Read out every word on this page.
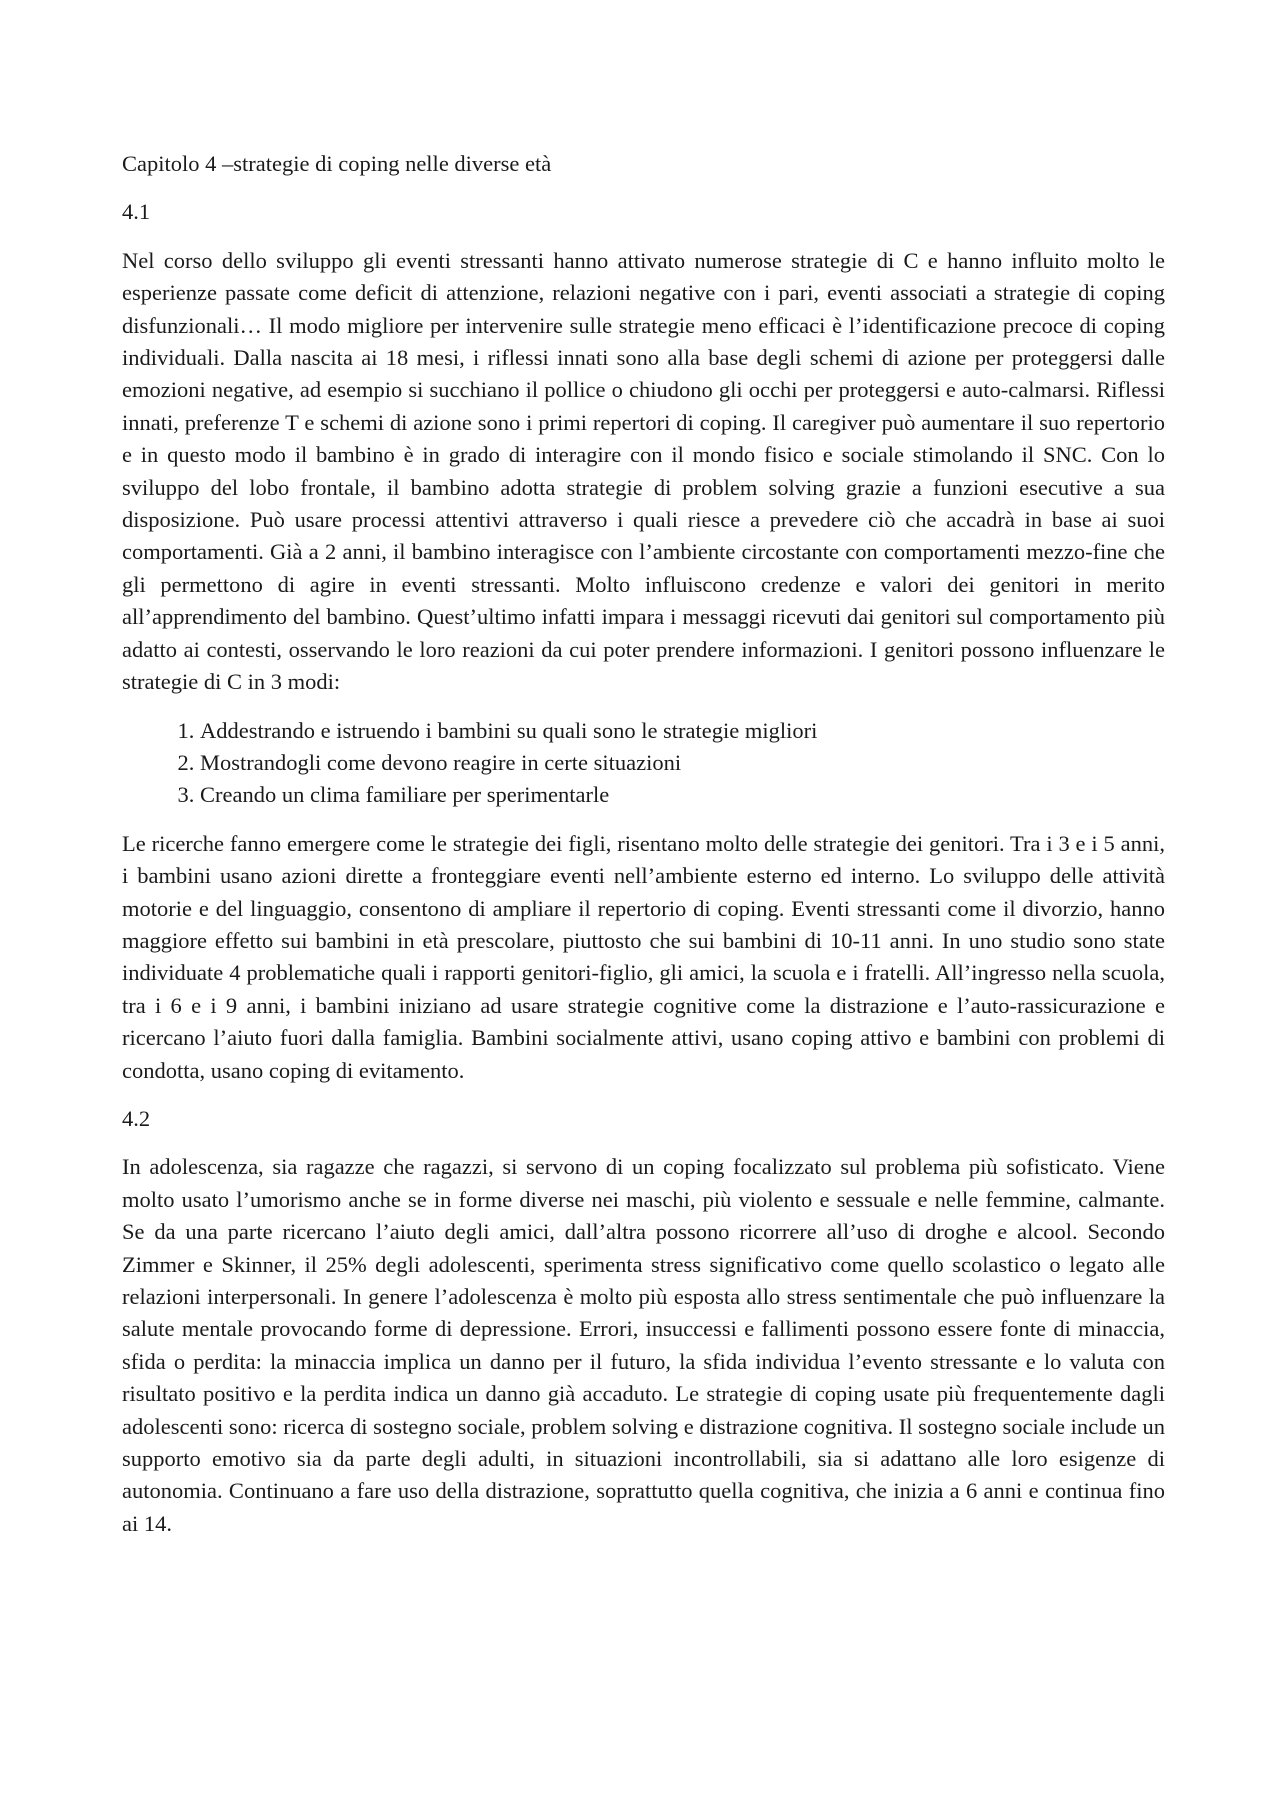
Capitolo 4 –strategie di coping nelle diverse età

4.1

Nel corso dello sviluppo gli eventi stressanti hanno attivato numerose strategie di C e hanno influito molto le esperienze passate come deficit di attenzione, relazioni negative con i pari, eventi associati a strategie di coping disfunzionali… Il modo migliore per intervenire sulle strategie meno efficaci è l’identificazione precoce di coping individuali. Dalla nascita ai 18 mesi, i riflessi innati sono alla base degli schemi di azione per proteggersi dalle emozioni negative, ad esempio si succhiano il pollice o chiudono gli occhi per proteggersi e auto-calmarsi. Riflessi innati, preferenze T e schemi di azione sono i primi repertori di coping. Il caregiver può aumentare il suo repertorio e in questo modo il bambino è in grado di interagire con il mondo fisico e sociale stimolando il SNC. Con lo sviluppo del lobo frontale, il bambino adotta strategie di problem solving grazie a funzioni esecutive a sua disposizione. Può usare processi attentivi attraverso i quali riesce a prevedere ciò che accadrà in base ai suoi comportamenti. Già a 2 anni, il bambino interagisce con l’ambiente circostante con comportamenti mezzo-fine che gli permettono di agire in eventi stressanti. Molto influiscono credenze e valori dei genitori in merito all’apprendimento del bambino. Quest’ultimo infatti impara i messaggi ricevuti dai genitori sul comportamento più adatto ai contesti, osservando le loro reazioni da cui poter prendere informazioni. I genitori possono influenzare le strategie di C in 3 modi:

1. Addestrando e istruendo i bambini su quali sono le strategie migliori
2. Mostrandogli come devono reagire in certe situazioni
3. Creando un clima familiare per sperimentarle

Le ricerche fanno emergere come le strategie dei figli, risentano molto delle strategie dei genitori. Tra i 3 e i 5 anni, i bambini usano azioni dirette a fronteggiare eventi nell’ambiente esterno ed interno. Lo sviluppo delle attività motorie e del linguaggio, consentono di ampliare il repertorio di coping. Eventi stressanti come il divorzio, hanno maggiore effetto sui bambini in età prescolare, piuttosto che sui bambini di 10-11 anni. In uno studio sono state individuate 4 problematiche quali i rapporti genitori-figlio, gli amici, la scuola e i fratelli. All’ingresso nella scuola, tra i 6 e i 9 anni, i bambini iniziano ad usare strategie cognitive come la distrazione e l’auto-rassicurazione e ricercano l’aiuto fuori dalla famiglia. Bambini socialmente attivi, usano coping attivo e bambini con problemi di condotta, usano coping di evitamento.

4.2

In adolescenza, sia ragazze che ragazzi, si servono di un coping focalizzato sul problema più sofisticato. Viene molto usato l’umorismo anche se in forme diverse nei maschi, più violento e sessuale e nelle femmine, calmante. Se da una parte ricercano l’aiuto degli amici, dall’altra possono ricorrere all’uso di droghe e alcool. Secondo Zimmer e Skinner, il 25% degli adolescenti, sperimenta stress significativo come quello scolastico o legato alle relazioni interpersonali. In genere l’adolescenza è molto più esposta allo stress sentimentale che può influenzare la salute mentale provocando forme di depressione. Errori, insuccessi e fallimenti possono essere fonte di minaccia, sfida o perdita: la minaccia implica un danno per il futuro, la sfida individua l’evento stressante e lo valuta con risultato positivo e la perdita indica un danno già accaduto. Le strategie di coping usate più frequentemente dagli adolescenti sono: ricerca di sostegno sociale, problem solving e distrazione cognitiva. Il sostegno sociale include un supporto emotivo sia da parte degli adulti, in situazioni incontrollabili, sia si adattano alle loro esigenze di autonomia. Continuano a fare uso della distrazione, soprattutto quella cognitiva, che inizia a 6 anni e continua fino ai 14.
